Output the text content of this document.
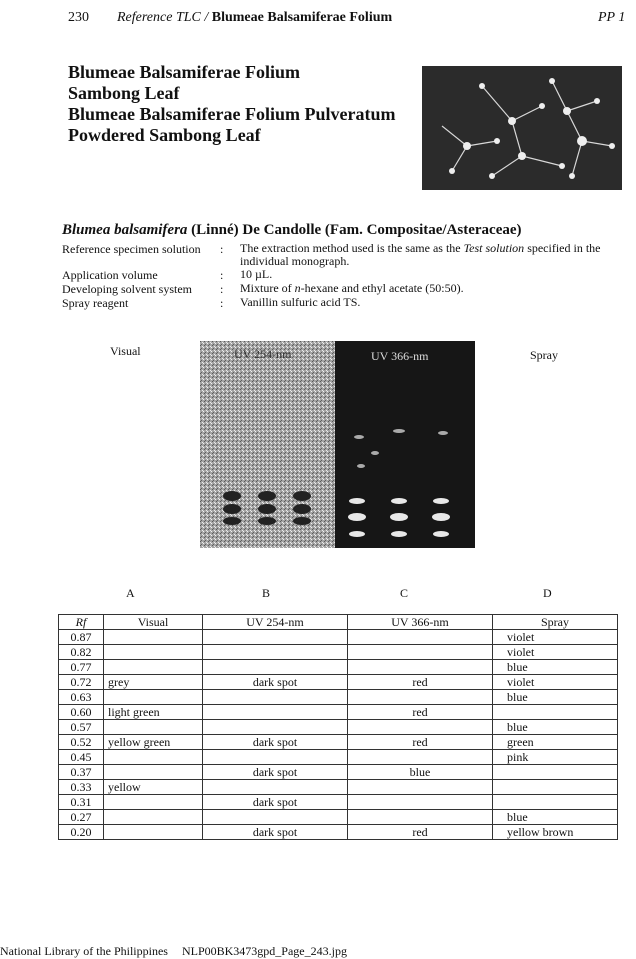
230 Reference TLC / Blumeae Balsamiferae Folium	PP 1
Blumeae Balsamiferae Folium
Sambong Leaf
Blumeae Balsamiferae Folium Pulveratum
Powdered Sambong Leaf
Blumea balsamifera (Linné) De Candolle (Fam. Compositae/Asteraceae)
Reference specimen solution : The extraction method used is the same as the Test solution specified in the individual monograph.
Application volume	: 10 µL.
Developing solvent system : Mixture of n-hexane and ethyl acetate (50:50).
Spray reagent	: Vanillin sulfuric acid TS.
Visual	Spray
UV 254-nm	UV 366-nm
A	B	C	D
Rf	Visual	UV 254-nm	UV 366-nm	Spray
0.87				violet
0.82				violet
0.77				blue
0.72	grey	dark spot	red	violet
0.63				blue
0.60	light green		red	
0.57				blue
0.52	yellow green	dark spot	red	green
0.45				pink
0.37		dark spot	blue	
0.33	yellow			
0.31		dark spot		
0.27				blue
0.20		dark spot	red	yellow brown

National Library of the Philippines NLP00BK3473gpd_Page_243.jpg
